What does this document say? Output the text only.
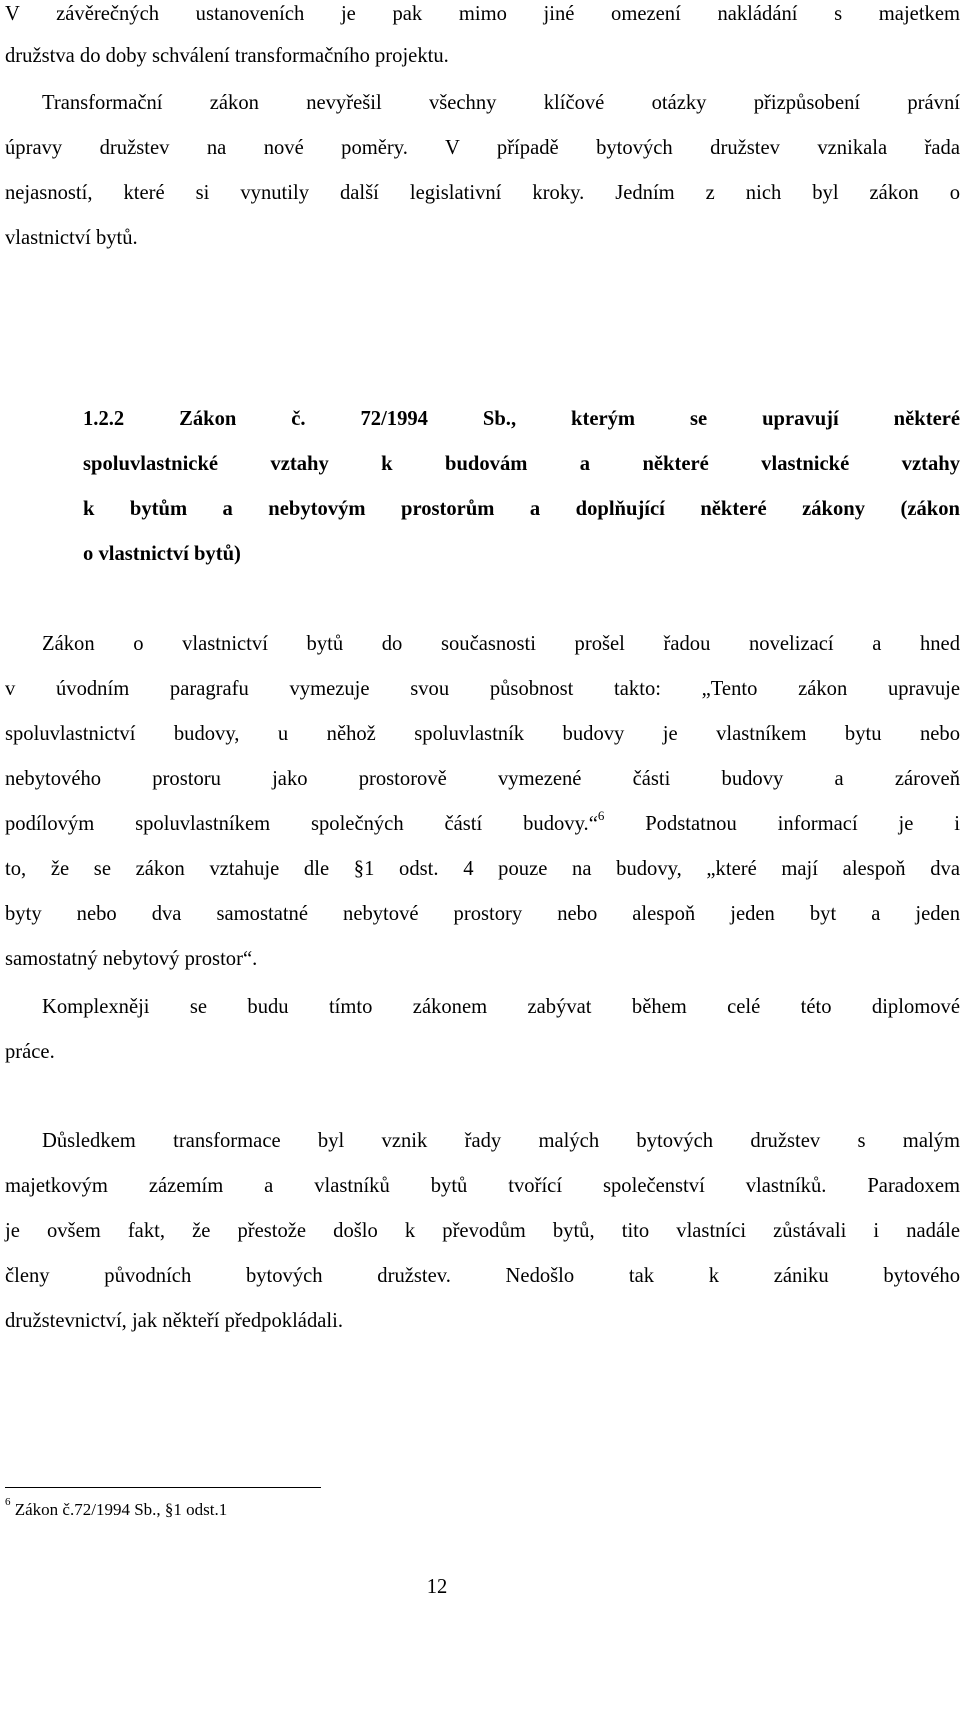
V závěrečných ustanoveních je pak mimo jiné omezení nakládání s majetkem

družstva do doby schválení transformačního projektu.

Transformační zákon nevyřešil všechny klíčové otázky přizpůsobení právní

úpravy družstev na nové poměry. V případě bytových družstev vznikala řada

nejasností, které si vynutily další legislativní kroky. Jedním z nich byl zákon o

vlastnictví bytů.

1.2.2 Zákon č. 72/1994 Sb., kterým se upravují některé

spoluvlastnické vztahy k budovám a některé vlastnické vztahy

k bytům a nebytovým prostorům a doplňující některé zákony (zákon

o vlastnictví bytů)

Zákon o vlastnictví bytů do současnosti prošel řadou novelizací a hned

v úvodním paragrafu vymezuje svou působnost takto: „Tento zákon upravuje

spoluvlastnictví budovy, u něhož spoluvlastník budovy je vlastníkem bytu nebo

nebytového prostoru jako prostorově vymezené části budovy a zároveň

podílovým spoluvlastníkem společných částí budovy.“$^6$ Podstatnou informací je i

to, že se zákon vztahuje dle §1 odst. 4 pouze na budovy, „které mají alespoň dva

byty nebo dva samostatné nebytové prostory nebo alespoň jeden byt a jeden

samostatný nebytový prostor“.

Komplexněji se budu tímto zákonem zabývat během celé této diplomové

práce.

Důsledkem transformace byl vznik řady malých bytových družstev s malým

majetkovým zázemím a vlastníků bytů tvořící společenství vlastníků. Paradoxem

je ovšem fakt, že přestože došlo k převodům bytů, tito vlastníci zůstávali i nadále

členy původních bytových družstev. Nedošlo tak k zániku bytového

družstevnictví, jak někteří předpokládali.

$^6$ Zákon č.72/1994 Sb., §1 odst.1
12
